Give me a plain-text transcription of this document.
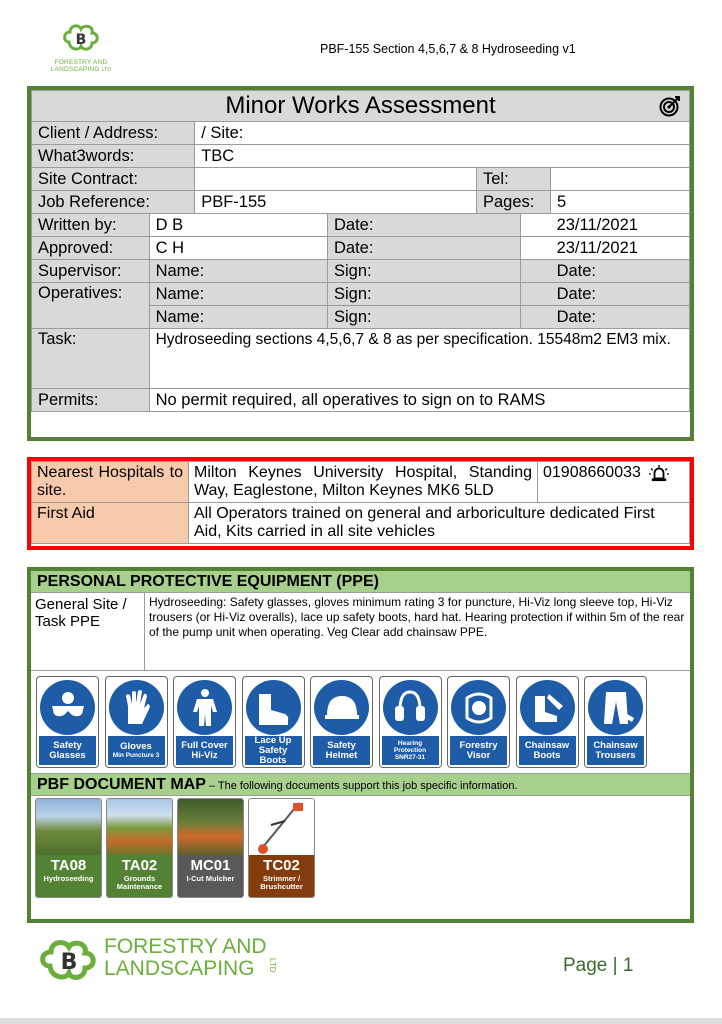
B
FORESTRY AND
LANDSCAPING LTD
PBF-155 Section 4,5,6,7 & 8 Hydroseeding v1
Minor Works Assessment						

Client / Address:		/ Site:				
What3words:		TBC				
Site Contract:				Tel:		
Job Reference:		PBF-155		Pages:		5
Written by:	D B		Date:		23/11/2021	
Approved:	C H		Date:		23/11/2021	
Supervisor:	Name:		Sign:		Date:	
Operatives:	Name:		Sign:		Date:	
	Name:		Sign:		Date:	
Task:	Hydroseeding sections 4,5,6,7 & 8 as per specification. 15548m2 EM3 mix.					
Permits:	No permit required, all operatives to sign on to RAMS					
Nearest Hospitals to site.	Milton Keynes University Hospital, Standing Way, Eaglestone, Milton Keynes MK6 5LD	01908660033
First Aid	All Operators trained on general and arboriculture dedicated First Aid, Kits carried in all site vehicles	
PERSONAL PROTECTIVE EQUIPMENT (PPE)
General Site / Task PPE
Hydroseeding: Safety glasses, gloves minimum rating 3 for puncture, Hi-Viz long sleeve top, Hi-Viz trousers (or Hi-Viz overalls), lace up safety boots, hard hat. Hearing protection if within 5m of the rear of the pump unit when operating. Veg Clear add chainsaw PPE.
Safety
Glasses
Gloves
Min Puncture 3
Full Cover
Hi-Viz
Lace Up
Safety Boots
Safety
Helmet
Hearing
Protection SNR27-31
Forestry
Visor
Chainsaw
Boots
Chainsaw
Trousers
PBF DOCUMENT MAP – The following documents support this job specific information.
TA08
Hydroseeding
TA02
Grounds Maintenance
MC01
I-Cut Mulcher
TC02
Strimmer / Brushcutter
B
FORESTRY AND
LANDSCAPING	LTD	Page | 1
